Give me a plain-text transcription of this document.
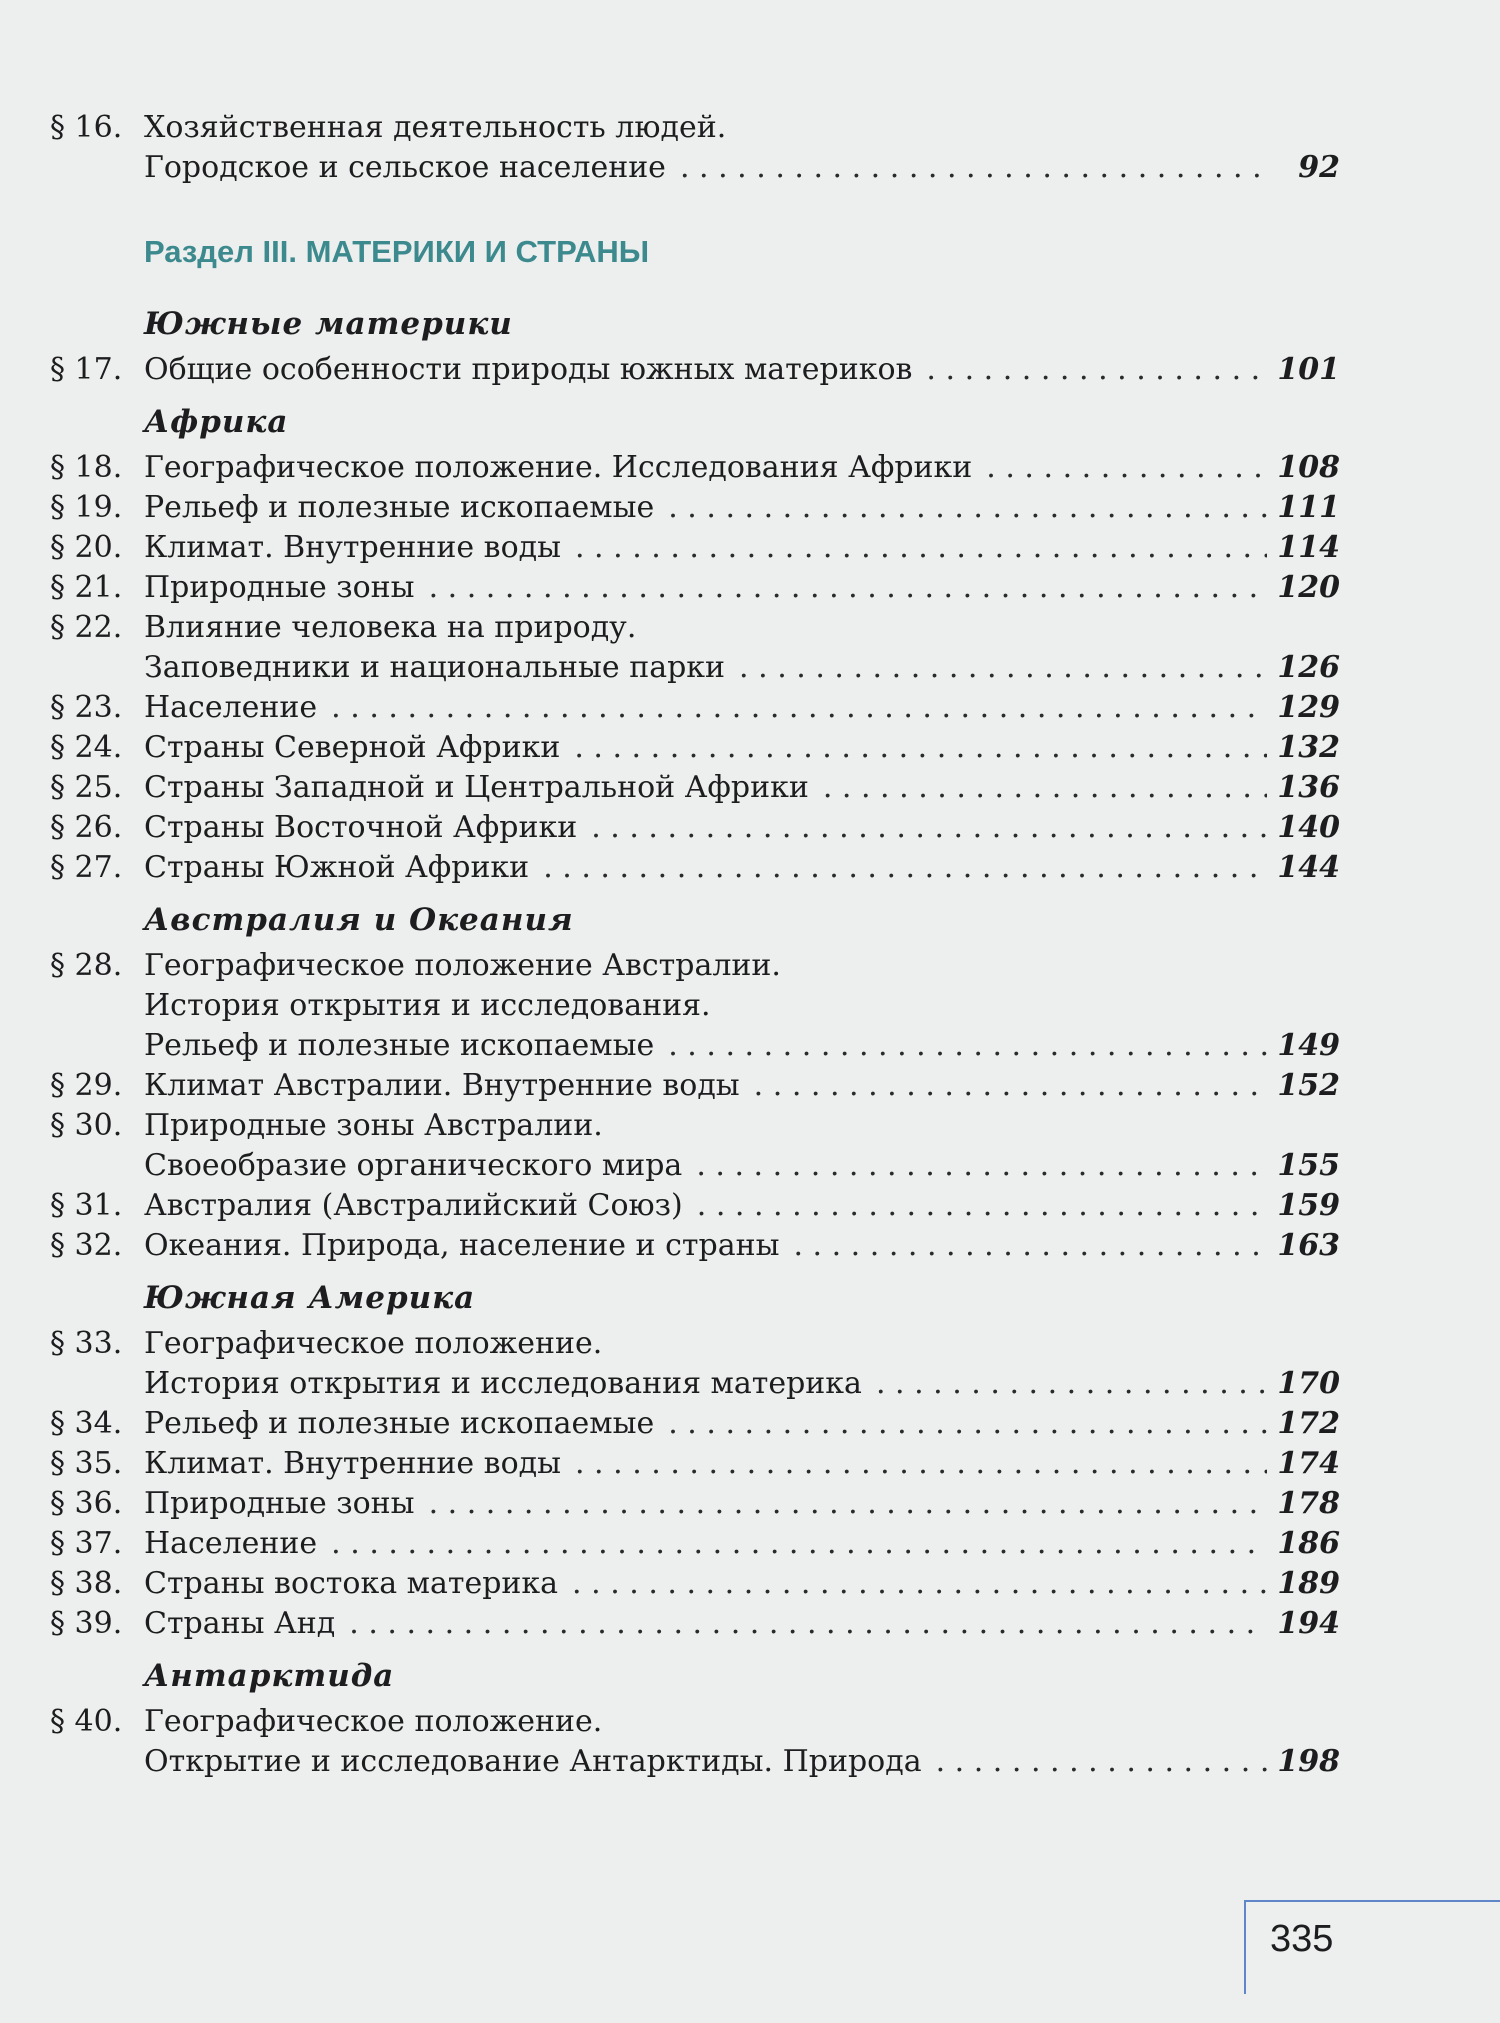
§ 16. Хозяйственная деятельность людей.
Городское и сельское население . . .	92
Раздел III. МАТЕРИКИ И СТРАНЫ
Южные материки
§ 17. Общие особенности природы южных материков . . .	101
Африка
§ 18. Географическое положение. Исследования Африки . . .	108
§ 19. Рельеф и полезные ископаемые . . .	111
§ 20. Климат. Внутренние воды . . .	114
§ 21. Природные зоны . . .	120
§ 22. Влияние человека на природу.
Заповедники и национальные парки . . .	126
§ 23. Население . . .	129
§ 24. Страны Северной Африки . . .	132
§ 25. Страны Западной и Центральной Африки . . .	136
§ 26. Страны Восточной Африки . . .	140
§ 27. Страны Южной Африки . . .	144
Австралия и Океания
§ 28. Географическое положение Австралии.
История открытия и исследования.
Рельеф и полезные ископаемые . . .	149
§ 29. Климат Австралии. Внутренние воды . . .	152
§ 30. Природные зоны Австралии.
Своеобразие органического мира . . .	155
§ 31. Австралия (Австралийский Союз) . . .	159
§ 32. Океания. Природа, население и страны . . .	163
Южная Америка
§ 33. Географическое положение.
История открытия и исследования материка . . .	170
§ 34. Рельеф и полезные ископаемые . . .	172
§ 35. Климат. Внутренние воды . . .	174
§ 36. Природные зоны . . .	178
§ 37. Население . . .	186
§ 38. Страны востока материка . . .	189
§ 39. Страны Анд . . .	194
Антарктида
§ 40. Географическое положение.
Открытие и исследование Антарктиды. Природа . . .	198
335
